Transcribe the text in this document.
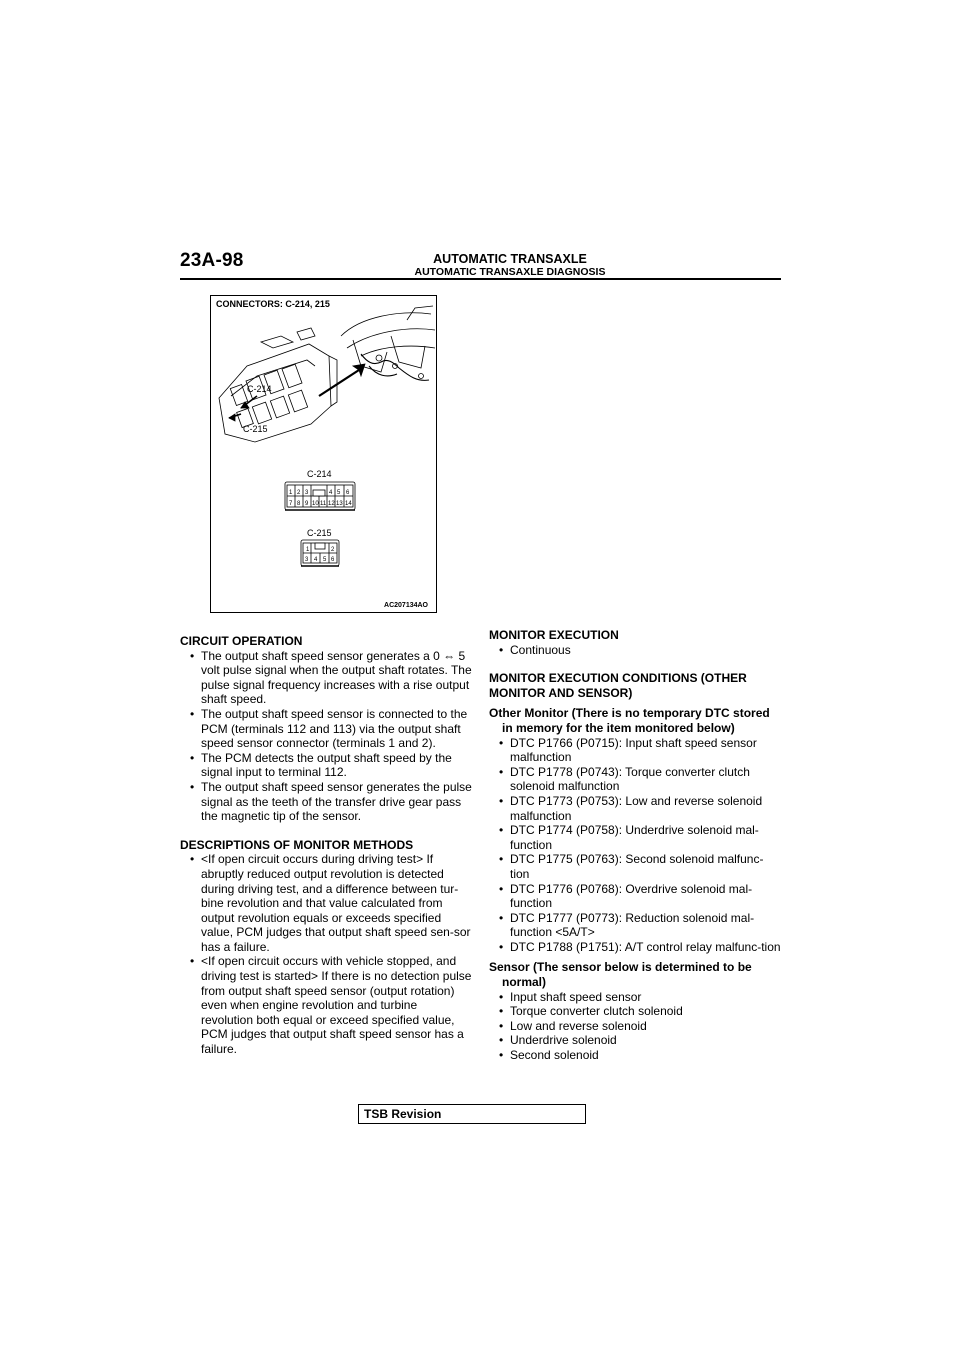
23A-98	AUTOMATIC TRANSAXLE
AUTOMATIC TRANSAXLE DIAGNOSIS
C-214
C-215
C-214
C-215
1 2 3	4 5 6
7 8 9 10 11 12 13 14
1	2
3 4 5 6
CONNECTORS: C-214, 215
AC207134AO

CIRCUIT OPERATION

• The output shaft speed sensor generates a 0 ⇔ 5 volt pulse signal when the output shaft rotates. The pulse signal frequency increases with a rise output shaft speed.
• The output shaft speed sensor is connected to the PCM (terminals 112 and 113) via the output shaft speed sensor connector (terminals 1 and 2).
• The PCM detects the output shaft speed by the signal input to terminal 112.
• The output shaft speed sensor generates the pulse signal as the teeth of the transfer drive gear pass the magnetic tip of the sensor.

DESCRIPTIONS OF MONITOR METHODS

• <If open circuit occurs during driving test> If abruptly reduced output revolution is detected during driving test, and a difference between tur-bine revolution and that value calculated from output revolution equals or exceeds specified value, PCM judges that output shaft speed sen-sor has a failure.
• <If open circuit occurs with vehicle stopped, and driving test is started> If there is no detection pulse from output shaft speed sensor (output rotation) even when engine revolution and turbine revolution both equal or exceed specified value, PCM judges that output shaft speed sensor has a failure.

MONITOR EXECUTION

• Continuous

MONITOR EXECUTION CONDITIONS (OTHER MONITOR AND SENSOR)

Other Monitor (There is no temporary DTC stored in memory for the item monitored below)

• DTC P1766 (P0715): Input shaft speed sensor malfunction
• DTC P1778 (P0743): Torque converter clutch solenoid malfunction
• DTC P1773 (P0753): Low and reverse solenoid malfunction
• DTC P1774 (P0758): Underdrive solenoid mal-function
• DTC P1775 (P0763): Second solenoid malfunc-tion
• DTC P1776 (P0768): Overdrive solenoid mal-function
• DTC P1777 (P0773): Reduction solenoid mal-function <5A/T>
• DTC P1788 (P1751): A/T control relay malfunc-tion

Sensor (The sensor below is determined to be normal)

• Input shaft speed sensor
• Torque converter clutch solenoid
• Low and reverse solenoid
• Underdrive solenoid
• Second solenoid
TSB Revision
